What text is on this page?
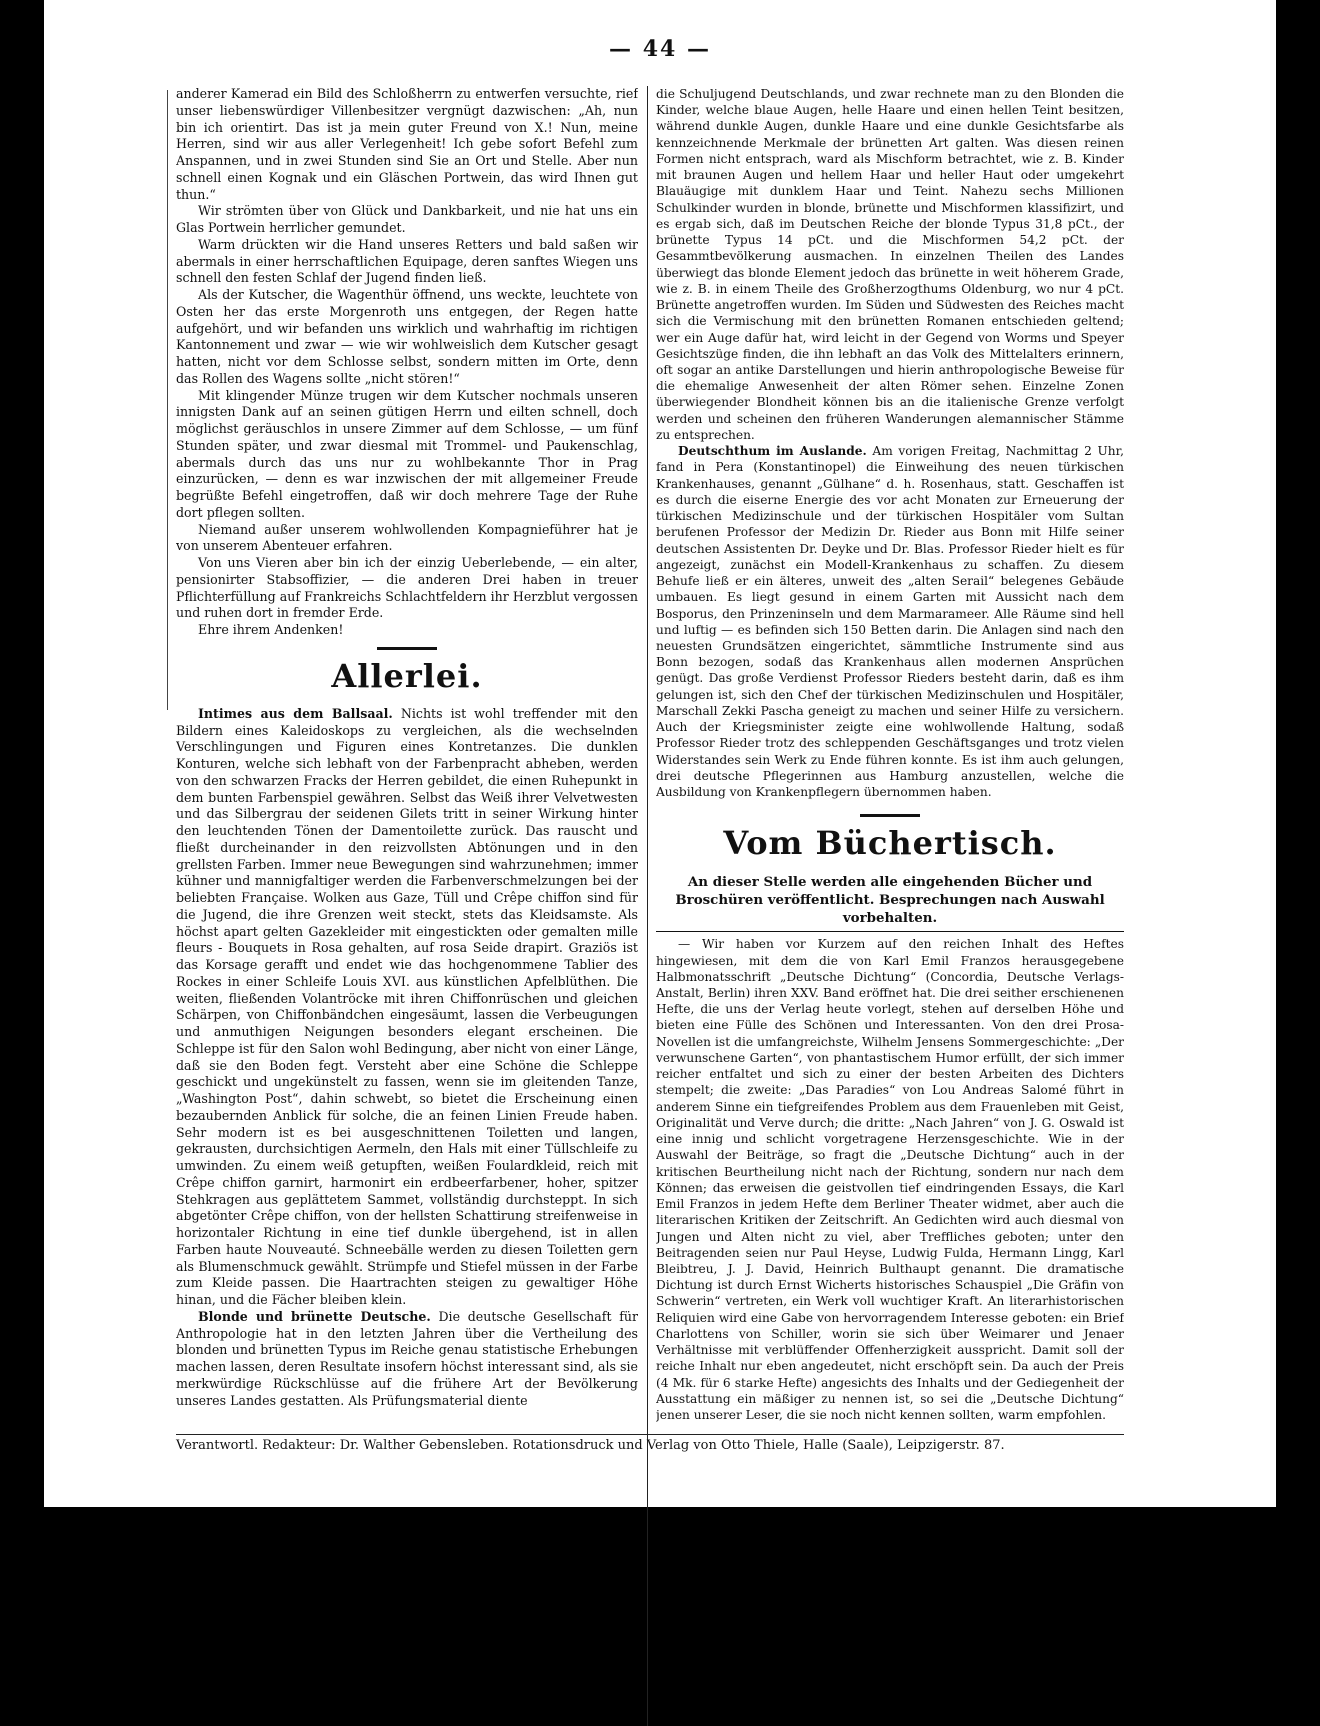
— 44 —

anderer Kamerad ein Bild des Schloßherrn zu entwerfen versuchte, rief unser liebenswürdiger Villenbesitzer vergnügt dazwischen: „Ah, nun bin ich orientirt. Das ist ja mein guter Freund von X.! Nun, meine Herren, sind wir aus aller Verlegenheit! Ich gebe sofort Befehl zum Anspannen, und in zwei Stunden sind Sie an Ort und Stelle. Aber nun schnell einen Kognak und ein Gläschen Portwein, das wird Ihnen gut thun.“

Wir strömten über von Glück und Dankbarkeit, und nie hat uns ein Glas Portwein herrlicher gemundet.

Warm drückten wir die Hand unseres Retters und bald saßen wir abermals in einer herrschaftlichen Equipage, deren sanftes Wiegen uns schnell den festen Schlaf der Jugend finden ließ.

Als der Kutscher, die Wagenthür öffnend, uns weckte, leuchtete von Osten her das erste Morgenroth uns entgegen, der Regen hatte aufgehört, und wir befanden uns wirklich und wahrhaftig im richtigen Kantonnement und zwar — wie wir wohlweislich dem Kutscher gesagt hatten, nicht vor dem Schlosse selbst, sondern mitten im Orte, denn das Rollen des Wagens sollte „nicht stören!“

Mit klingender Münze trugen wir dem Kutscher nochmals unseren innigsten Dank auf an seinen gütigen Herrn und eilten schnell, doch möglichst geräuschlos in unsere Zimmer auf dem Schlosse, — um fünf Stunden später, und zwar diesmal mit Trommel- und Paukenschlag, abermals durch das uns nur zu wohlbekannte Thor in Prag einzurücken, — denn es war inzwischen der mit allgemeiner Freude begrüßte Befehl eingetroffen, daß wir doch mehrere Tage der Ruhe dort pflegen sollten.

Niemand außer unserem wohlwollenden Kompagnieführer hat je von unserem Abenteuer erfahren.

Von uns Vieren aber bin ich der einzig Ueberlebende, — ein alter, pensionirter Stabsoffizier, — die anderen Drei haben in treuer Pflichterfüllung auf Frankreichs Schlachtfeldern ihr Herzblut vergossen und ruhen dort in fremder Erde.

Ehre ihrem Andenken!

Allerlei.

Intimes aus dem Ballsaal. Nichts ist wohl treffender mit den Bildern eines Kaleidoskops zu vergleichen, als die wechselnden Verschlingungen und Figuren eines Kontretanzes. Die dunklen Konturen, welche sich lebhaft von der Farbenpracht abheben, werden von den schwarzen Fracks der Herren gebildet, die einen Ruhepunkt in dem bunten Farbenspiel gewähren. Selbst das Weiß ihrer Velvetwesten und das Silbergrau der seidenen Gilets tritt in seiner Wirkung hinter den leuchtenden Tönen der Damentoilette zurück. Das rauscht und fließt durcheinander in den reizvollsten Abtönungen und in den grellsten Farben. Immer neue Bewegungen sind wahrzunehmen; immer kühner und mannigfaltiger werden die Farbenverschmelzungen bei der beliebten Française. Wolken aus Gaze, Tüll und Crêpe chiffon sind für die Jugend, die ihre Grenzen weit steckt, stets das Kleidsamste. Als höchst apart gelten Gazekleider mit eingestickten oder gemalten mille fleurs - Bouquets in Rosa gehalten, auf rosa Seide drapirt. Graziös ist das Korsage gerafft und endet wie das hochgenommene Tablier des Rockes in einer Schleife Louis XVI. aus künstlichen Apfelblüthen. Die weiten, fließenden Volantröcke mit ihren Chiffonrüschen und gleichen Schärpen, von Chiffonbändchen eingesäumt, lassen die Verbeugungen und anmuthigen Neigungen besonders elegant erscheinen. Die Schleppe ist für den Salon wohl Bedingung, aber nicht von einer Länge, daß sie den Boden fegt. Versteht aber eine Schöne die Schleppe geschickt und ungekünstelt zu fassen, wenn sie im gleitenden Tanze, „Washington Post“, dahin schwebt, so bietet die Erscheinung einen bezaubernden Anblick für solche, die an feinen Linien Freude haben. Sehr modern ist es bei ausgeschnittenen Toiletten und langen, gekrausten, durchsichtigen Aermeln, den Hals mit einer Tüllschleife zu umwinden. Zu einem weiß getupften, weißen Foulardkleid, reich mit Crêpe chiffon garnirt, harmonirt ein erdbeerfarbener, hoher, spitzer Stehkragen aus geplättetem Sammet, vollständig durchsteppt. In sich abgetönter Crêpe chiffon, von der hellsten Schattirung streifenweise in horizontaler Richtung in eine tief dunkle übergehend, ist in allen Farben haute Nouveauté. Schneebälle werden zu diesen Toiletten gern als Blumenschmuck gewählt. Strümpfe und Stiefel müssen in der Farbe zum Kleide passen. Die Haartrachten steigen zu gewaltiger Höhe hinan, und die Fächer bleiben klein.

Blonde und brünette Deutsche. Die deutsche Gesellschaft für Anthropologie hat in den letzten Jahren über die Vertheilung des blonden und brünetten Typus im Reiche genau statistische Erhebungen machen lassen, deren Resultate insofern höchst interessant sind, als sie merkwürdige Rückschlüsse auf die frühere Art der Bevölkerung unseres Landes gestatten. Als Prüfungsmaterial diente

die Schuljugend Deutschlands, und zwar rechnete man zu den Blonden die Kinder, welche blaue Augen, helle Haare und einen hellen Teint besitzen, während dunkle Augen, dunkle Haare und eine dunkle Gesichtsfarbe als kennzeichnende Merkmale der brünetten Art galten. Was diesen reinen Formen nicht entsprach, ward als Mischform betrachtet, wie z. B. Kinder mit braunen Augen und hellem Haar und heller Haut oder umgekehrt Blauäugige mit dunklem Haar und Teint. Nahezu sechs Millionen Schulkinder wurden in blonde, brünette und Mischformen klassifizirt, und es ergab sich, daß im Deutschen Reiche der blonde Typus 31,8 pCt., der brünette Typus 14 pCt. und die Mischformen 54,2 pCt. der Gesammtbevölkerung ausmachen. In einzelnen Theilen des Landes überwiegt das blonde Element jedoch das brünette in weit höherem Grade, wie z. B. in einem Theile des Großherzogthums Oldenburg, wo nur 4 pCt. Brünette angetroffen wurden. Im Süden und Südwesten des Reiches macht sich die Vermischung mit den brünetten Romanen entschieden geltend; wer ein Auge dafür hat, wird leicht in der Gegend von Worms und Speyer Gesichtszüge finden, die ihn lebhaft an das Volk des Mittelalters erinnern, oft sogar an antike Darstellungen und hierin anthropologische Beweise für die ehemalige Anwesenheit der alten Römer sehen. Einzelne Zonen überwiegender Blondheit können bis an die italienische Grenze verfolgt werden und scheinen den früheren Wanderungen alemannischer Stämme zu entsprechen.

Deutschthum im Auslande. Am vorigen Freitag, Nachmittag 2 Uhr, fand in Pera (Konstantinopel) die Einweihung des neuen türkischen Krankenhauses, genannt „Gülhane“ d. h. Rosenhaus, statt. Geschaffen ist es durch die eiserne Energie des vor acht Monaten zur Erneuerung der türkischen Medizinschule und der türkischen Hospitäler vom Sultan berufenen Professor der Medizin Dr. Rieder aus Bonn mit Hilfe seiner deutschen Assistenten Dr. Deyke und Dr. Blas. Professor Rieder hielt es für angezeigt, zunächst ein Modell-Krankenhaus zu schaffen. Zu diesem Behufe ließ er ein älteres, unweit des „alten Serail“ belegenes Gebäude umbauen. Es liegt gesund in einem Garten mit Aussicht nach dem Bosporus, den Prinzeninseln und dem Marmarameer. Alle Räume sind hell und luftig — es befinden sich 150 Betten darin. Die Anlagen sind nach den neuesten Grundsätzen eingerichtet, sämmtliche Instrumente sind aus Bonn bezogen, sodaß das Krankenhaus allen modernen Ansprüchen genügt. Das große Verdienst Professor Rieders besteht darin, daß es ihm gelungen ist, sich den Chef der türkischen Medizinschulen und Hospitäler, Marschall Zekki Pascha geneigt zu machen und seiner Hilfe zu versichern. Auch der Kriegsminister zeigte eine wohlwollende Haltung, sodaß Professor Rieder trotz des schleppenden Geschäftsganges und trotz vielen Widerstandes sein Werk zu Ende führen konnte. Es ist ihm auch gelungen, drei deutsche Pflegerinnen aus Hamburg anzustellen, welche die Ausbildung von Krankenpflegern übernommen haben.

Vom Büchertisch.
An dieser Stelle werden alle eingehenden Bücher und Broschüren veröffentlicht. Besprechungen nach Auswahl vorbehalten.

— Wir haben vor Kurzem auf den reichen Inhalt des Heftes hingewiesen, mit dem die von Karl Emil Franzos herausgegebene Halbmonatsschrift „Deutsche Dichtung“ (Concordia, Deutsche Verlags-Anstalt, Berlin) ihren XXV. Band eröffnet hat. Die drei seither erschienenen Hefte, die uns der Verlag heute vorlegt, stehen auf derselben Höhe und bieten eine Fülle des Schönen und Interessanten. Von den drei Prosa-Novellen ist die umfangreichste, Wilhelm Jensens Sommergeschichte: „Der verwunschene Garten“, von phantastischem Humor erfüllt, der sich immer reicher entfaltet und sich zu einer der besten Arbeiten des Dichters stempelt; die zweite: „Das Paradies“ von Lou Andreas Salomé führt in anderem Sinne ein tiefgreifendes Problem aus dem Frauenleben mit Geist, Originalität und Verve durch; die dritte: „Nach Jahren“ von J. G. Oswald ist eine innig und schlicht vorgetragene Herzensgeschichte. Wie in der Auswahl der Beiträge, so fragt die „Deutsche Dichtung“ auch in der kritischen Beurtheilung nicht nach der Richtung, sondern nur nach dem Können; das erweisen die geistvollen tief eindringenden Essays, die Karl Emil Franzos in jedem Hefte dem Berliner Theater widmet, aber auch die literarischen Kritiken der Zeitschrift. An Gedichten wird auch diesmal von Jungen und Alten nicht zu viel, aber Treffliches geboten; unter den Beitragenden seien nur Paul Heyse, Ludwig Fulda, Hermann Lingg, Karl Bleibtreu, J. J. David, Heinrich Bulthaupt genannt. Die dramatische Dichtung ist durch Ernst Wicherts historisches Schauspiel „Die Gräfin von Schwerin“ vertreten, ein Werk voll wuchtiger Kraft. An literarhistorischen Reliquien wird eine Gabe von hervorragendem Interesse geboten: ein Brief Charlottens von Schiller, worin sie sich über Weimarer und Jenaer Verhältnisse mit verblüffender Offenherzigkeit ausspricht. Damit soll der reiche Inhalt nur eben angedeutet, nicht erschöpft sein. Da auch der Preis (4 Mk. für 6 starke Hefte) angesichts des Inhalts und der Gediegenheit der Ausstattung ein mäßiger zu nennen ist, so sei die „Deutsche Dichtung“ jenen unserer Leser, die sie noch nicht kennen sollten, warm empfohlen.

Verantwortl. Redakteur: Dr. Walther Gebensleben. Rotationsdruck und Verlag von Otto Thiele, Halle (Saale), Leipzigerstr. 87.
